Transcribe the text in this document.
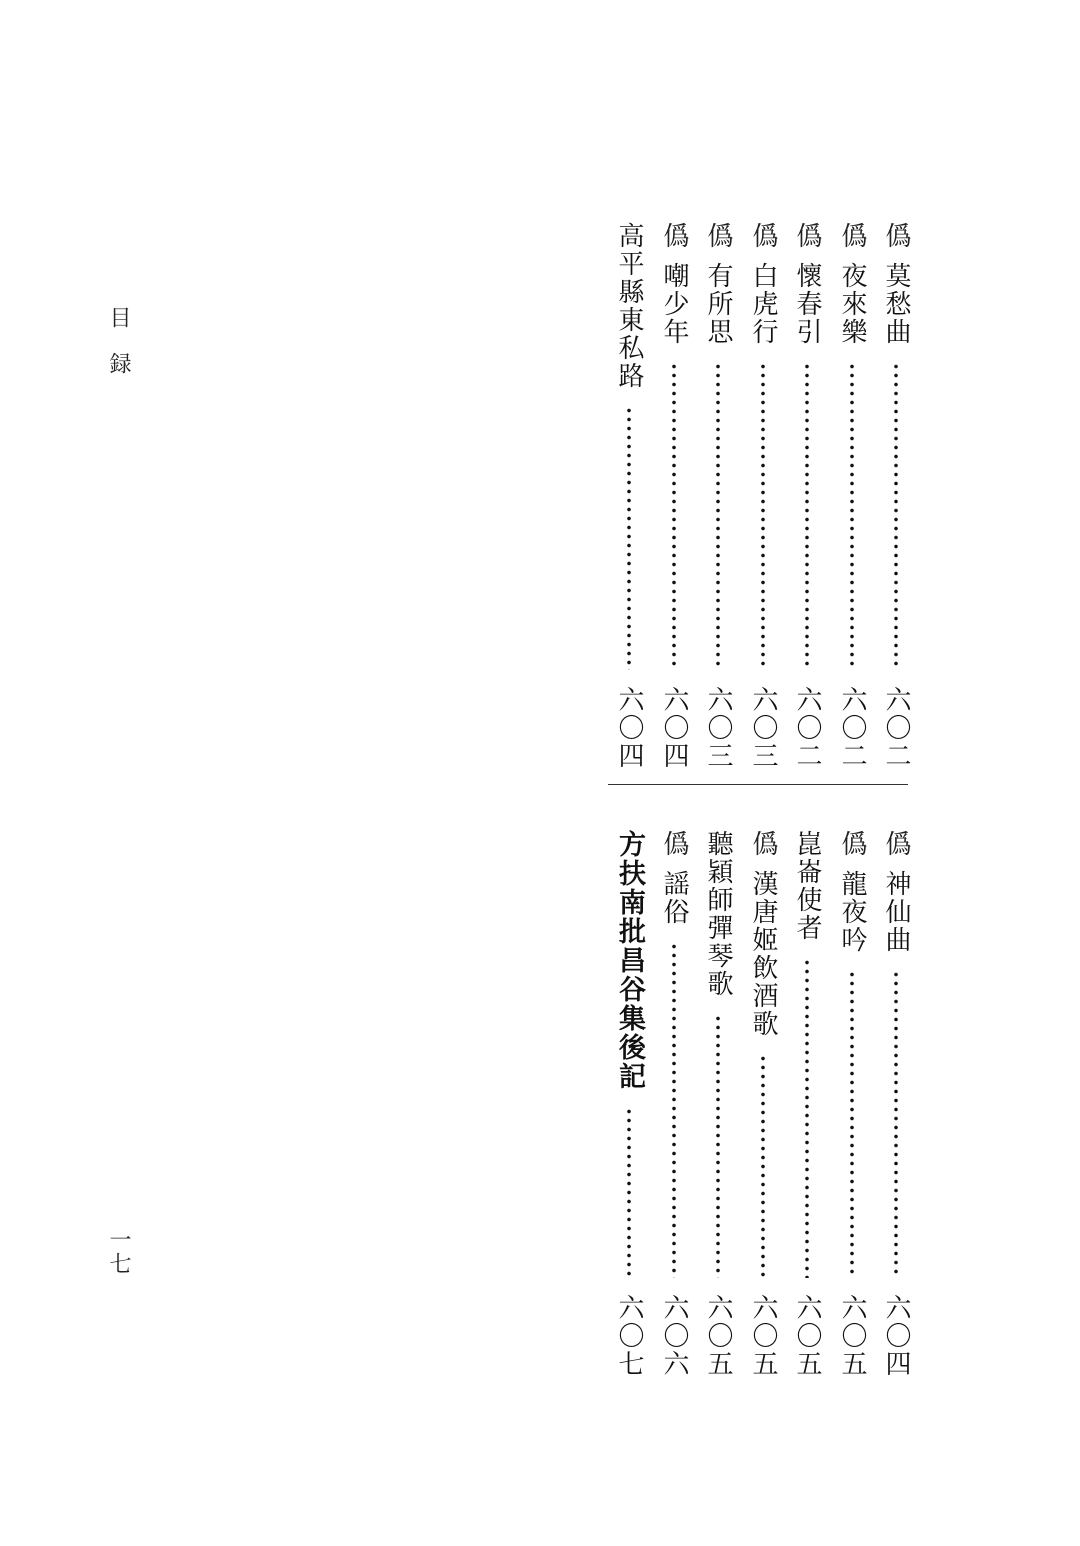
目録
一七
僞
莫愁曲
六〇二
僞
夜來樂
六〇二
僞
懷春引
六〇二
僞
白虎行
六〇三
僞
有所思
六〇三
僞
嘲少年
六〇四
高平縣東私路
六〇四
僞
神仙曲
六〇四
僞
龍夜吟
六〇五
崑崙使者
六〇五
僞
漢唐姬飲酒歌
六〇五
聽穎師彈琴歌
六〇五
僞
謡俗
六〇六
方扶南批昌谷集後記
六〇七
